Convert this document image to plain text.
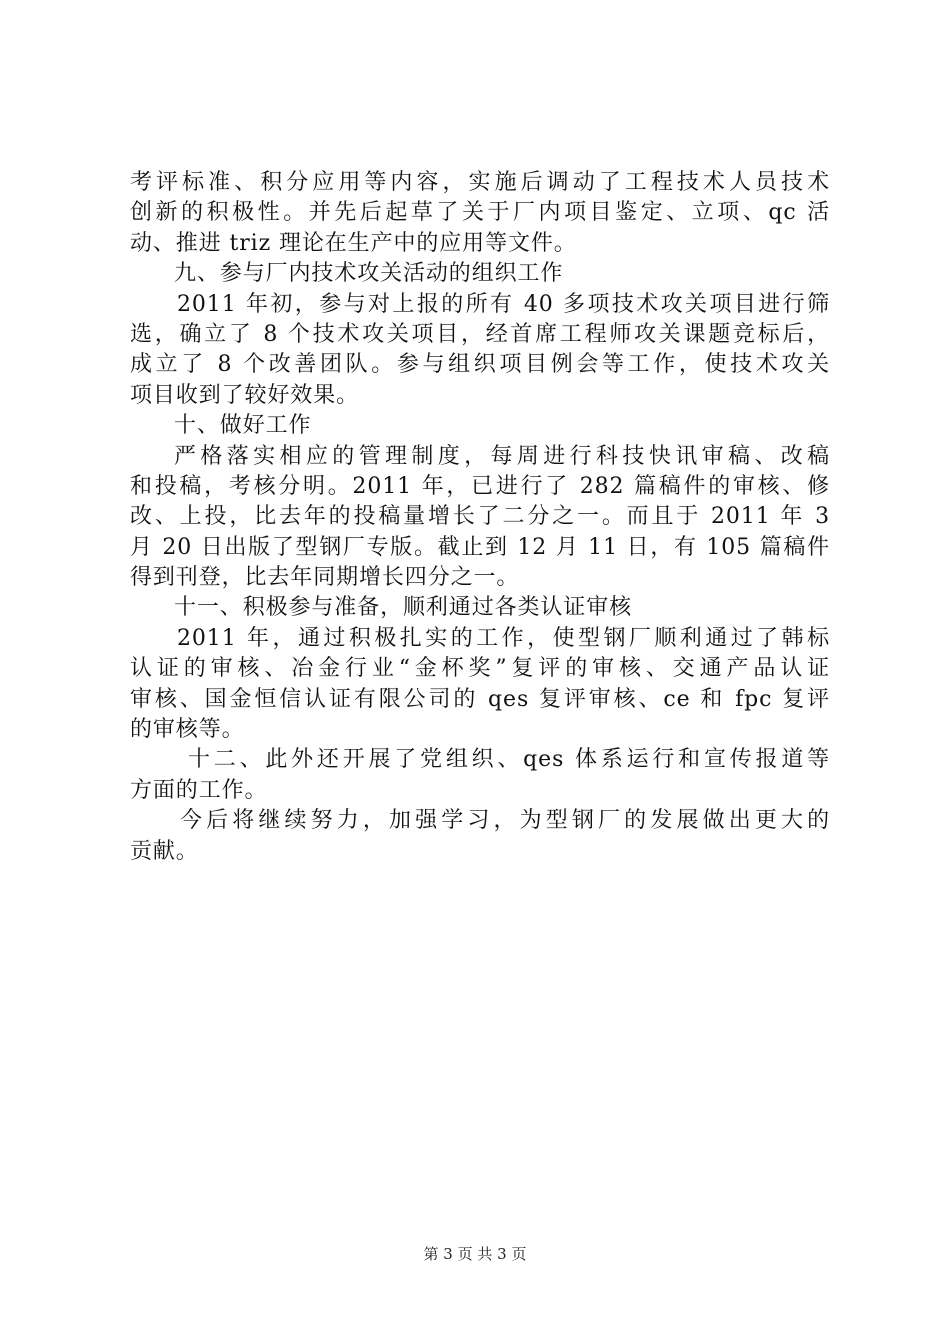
考评标准、积分应用等内容，实施后调动了工程技术人员技术
创新的积极性。并先后起草了关于厂内项目鉴定、立项、qc 活
动、推进 triz 理论在生产中的应用等文件。
九、参与厂内技术攻关活动的组织工作
2011 年初，参与对上报的所有 40 多项技术攻关项目进行筛
选，确立了 8 个技术攻关项目，经首席工程师攻关课题竞标后，
成立了 8 个改善团队。参与组织项目例会等工作，使技术攻关
项目收到了较好效果。
十、做好工作
严格落实相应的管理制度，每周进行科技快讯审稿、改稿
和投稿，考核分明。2011 年，已进行了 282 篇稿件的审核、修
改、上投，比去年的投稿量增长了二分之一。而且于 2011 年 3
月 20 日出版了型钢厂专版。截止到 12 月 11 日，有 105 篇稿件
得到刊登，比去年同期增长四分之一。
十一、积极参与准备，顺利通过各类认证审核
2011 年，通过积极扎实的工作，使型钢厂顺利通过了韩标
认证的审核、冶金行业“金杯奖”复评的审核、交通产品认证
审核、国金恒信认证有限公司的 qes 复评审核、ce 和 fpc 复评
的审核等。
十二、此外还开展了党组织、qes 体系运行和宣传报道等
方面的工作。
今后将继续努力，加强学习，为型钢厂的发展做出更大的
贡献。
第 3 页 共 3 页
